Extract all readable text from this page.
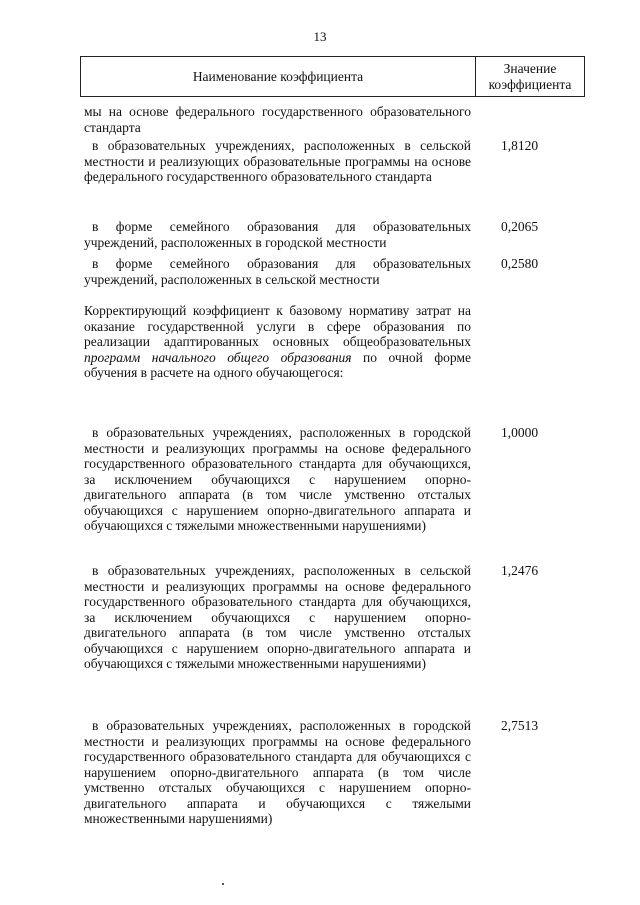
13
Наименование коэффициента
Значение коэффициента
мы на основе федерального государственного образовательного стандарта
в образовательных учреждениях, расположенных в сельской местности и реализующих образовательные программы на основе федерального государственного образовательного стандарта
1,8120
в форме семейного образования для образовательных учреждений, расположенных в городской местности
0,2065
в форме семейного образования для образовательных учреждений, расположенных в сельской местности
0,2580
Корректирующий коэффициент к базовому нормативу затрат на оказание государственной услуги в сфере образования по реализации адаптированных основных общеобразовательных программ начального общего образования по очной форме обучения в расчете на одного обучающегося:
в образовательных учреждениях, расположенных в городской местности и реализующих программы на основе федерального государственного образовательного стандарта для обучающихся, за исключением обучающихся с нарушением опорно-двигательного аппарата (в том числе умственно отсталых обучающихся с нарушением опорно-двигательного аппарата и обучающихся с тяжелыми множественными нарушениями)
1,0000
в образовательных учреждениях, расположенных в сельской местности и реализующих программы на основе федерального государственного образовательного стандарта для обучающихся, за исключением обучающихся с нарушением опорно-двигательного аппарата (в том числе умственно отсталых обучающихся с нарушением опорно-двигательного аппарата и обучающихся с тяжелыми множественными нарушениями)
1,2476
в образовательных учреждениях, расположенных в городской местности и реализующих программы на основе федерального государственного образовательного стандарта для обучающихся с нарушением опорно-двигательного аппарата (в том числе умственно отсталых обучающихся с нарушением опорно-двигательного аппарата и обучающихся с тяжелыми множественными нарушениями)
2,7513
